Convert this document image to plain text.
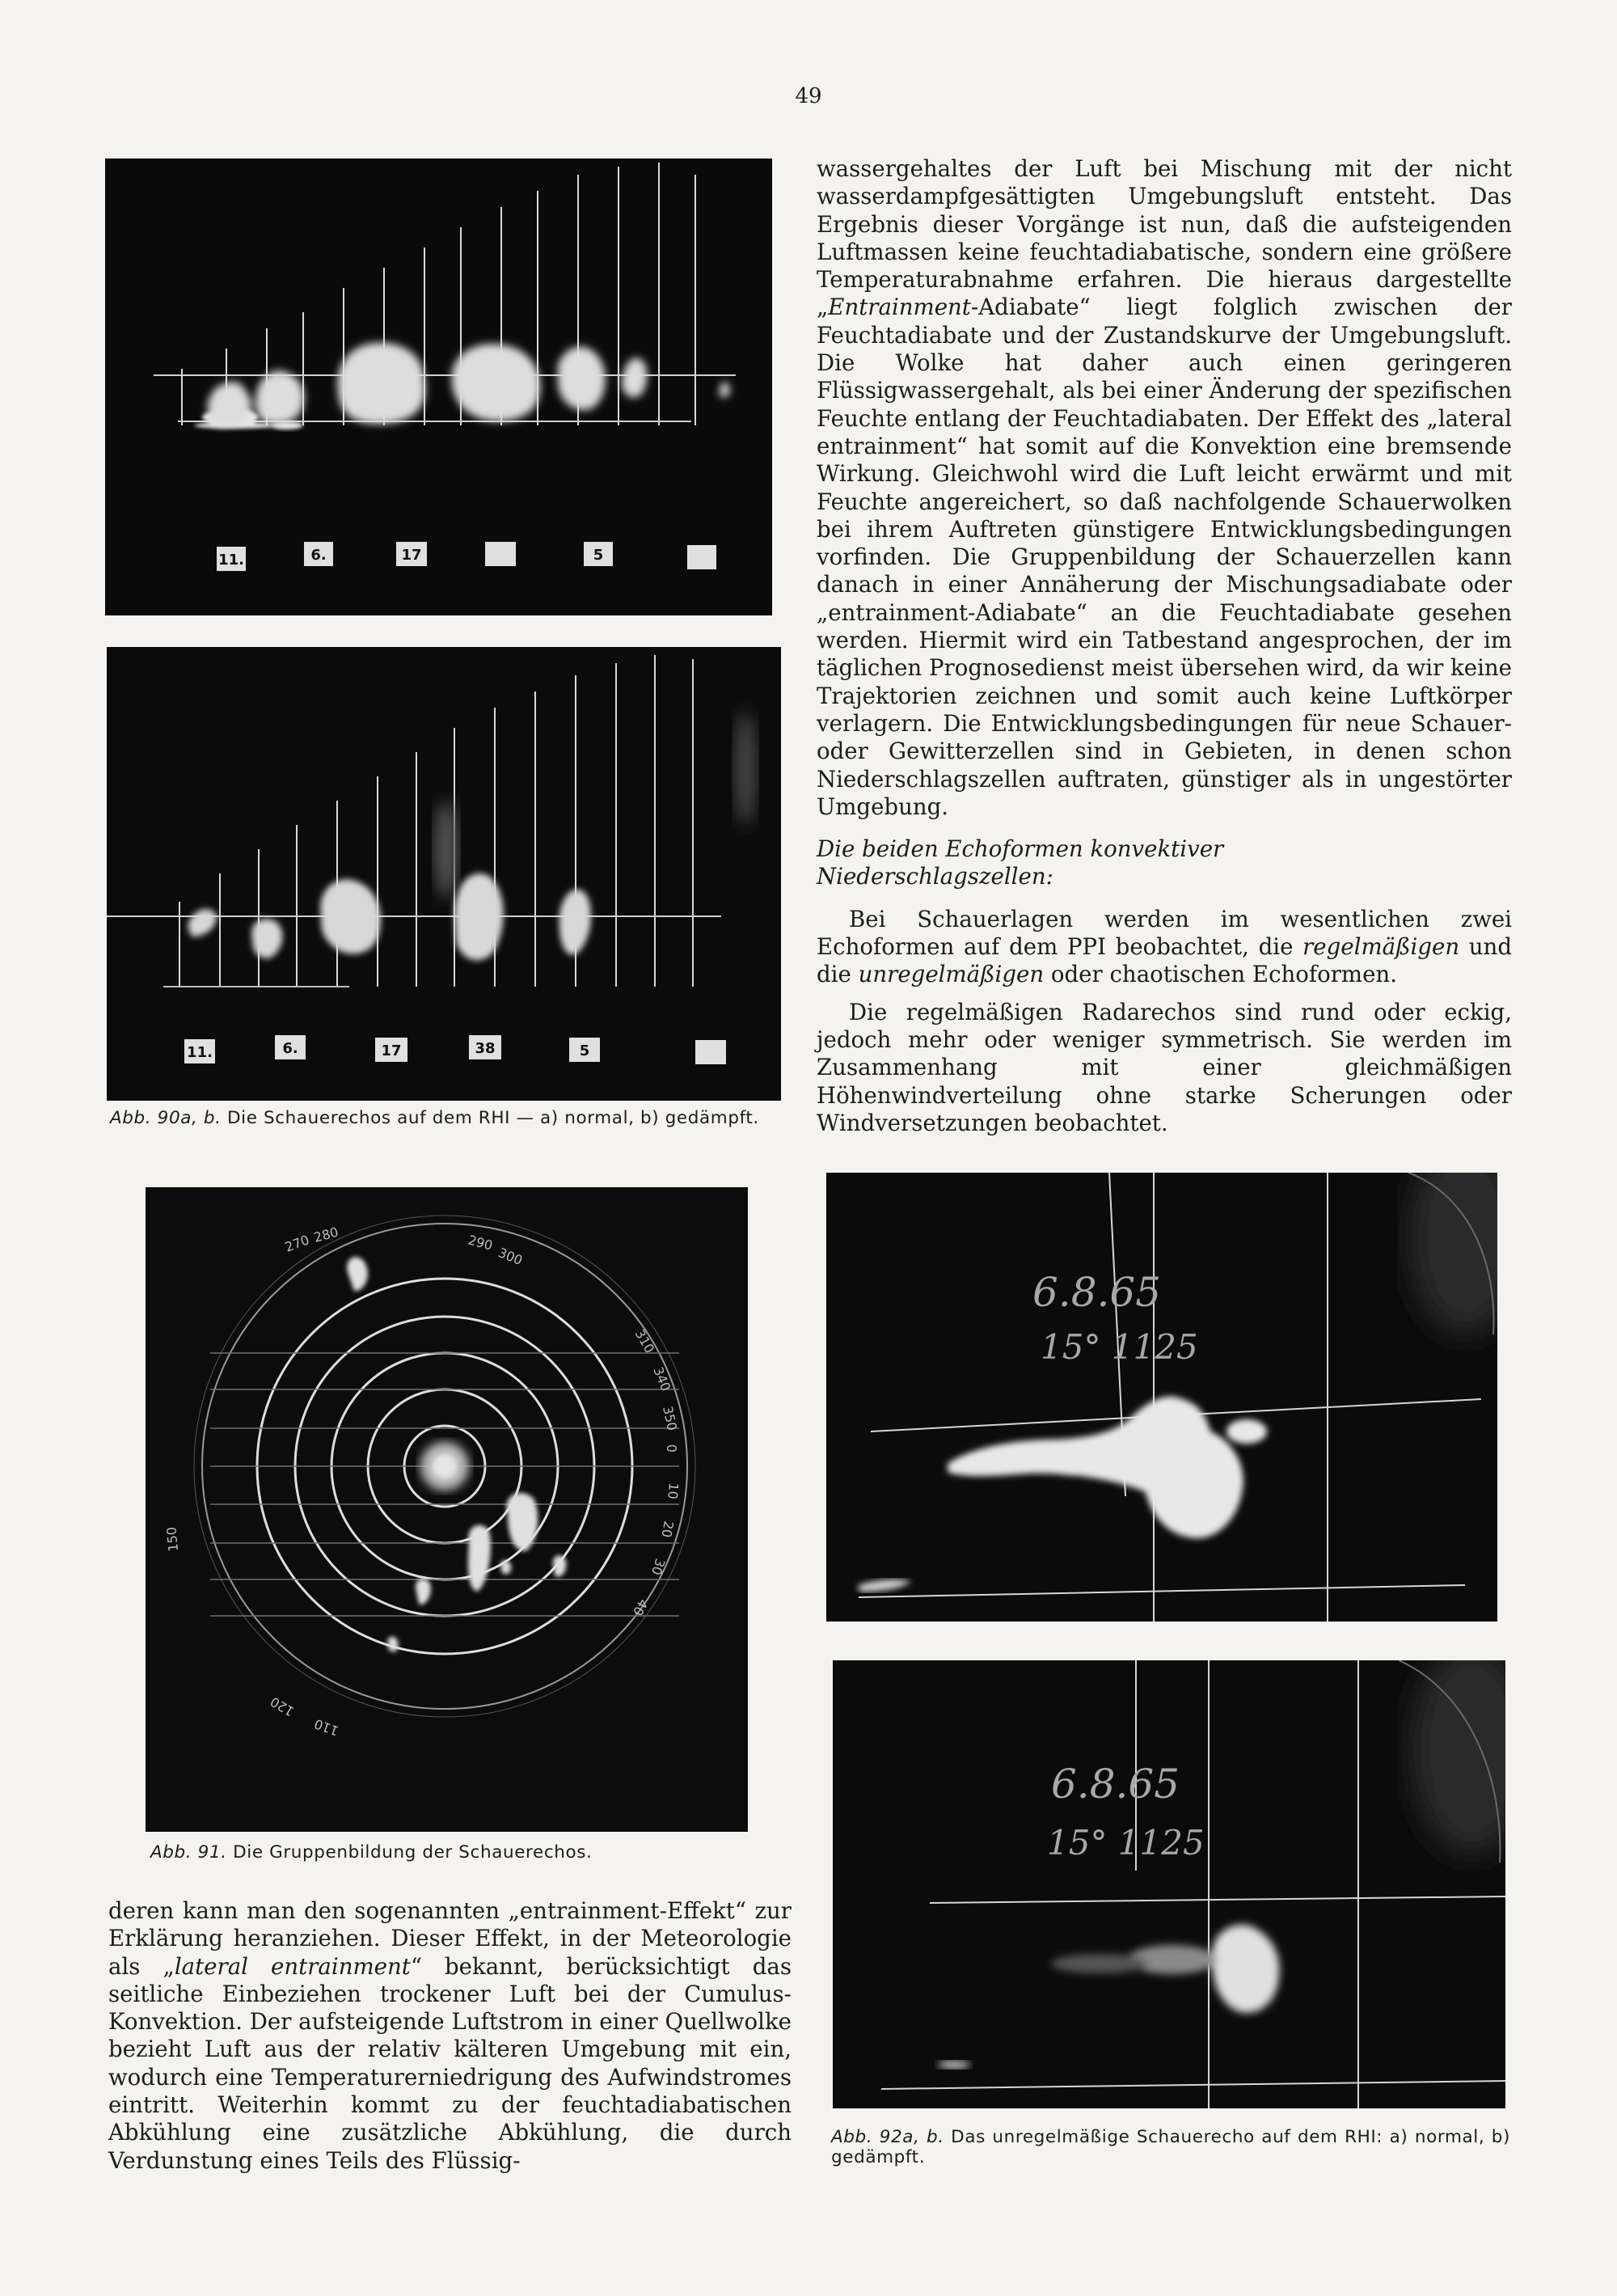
49
11.	6.	17	5
11.	6.	17	38	5
Abb. 90a, b. Die Schauerechos auf dem RHI — a) normal, b) gedämpft.
270 280	290
300
310
340
350
0
10
20
30
40
150
120
110
Abb. 91. Die Gruppenbildung der Schauerechos.

wassergehaltes der Luft bei Mischung mit der nicht wasserdampfgesättigten Umgebungsluft entsteht. Das Ergebnis dieser Vorgänge ist nun, daß die aufsteigenden Luftmassen keine feuchtadiabatische, sondern eine größere Temperaturabnahme erfahren. Die hieraus dargestellte „Entrainment-Adiabate“ liegt folglich zwischen der Feuchtadiabate und der Zustandskurve der Umgebungsluft. Die Wolke hat daher auch einen geringeren Flüssigwassergehalt, als bei einer Änderung der spezifischen Feuchte entlang der Feuchtadiabaten. Der Effekt des „lateral entrainment“ hat somit auf die Konvektion eine bremsende Wirkung. Gleichwohl wird die Luft leicht erwärmt und mit Feuchte angereichert, so daß nachfolgende Schauerwolken bei ihrem Auftreten günstigere Entwicklungsbedingungen vorfinden. Die Gruppenbildung der Schauerzellen kann danach in einer Annäherung der Mischungsadiabate oder „entrainment-Adiabate“ an die Feuchtadiabate gesehen werden. Hiermit wird ein Tatbestand angesprochen, der im täglichen Prognosedienst meist übersehen wird, da wir keine Trajektorien zeichnen und somit auch keine Luftkörper verlagern. Die Entwicklungsbedingungen für neue Schauer- oder Gewitterzellen sind in Gebieten, in denen schon Niederschlagszellen auftraten, günstiger als in ungestörter Umgebung.

Die beiden Echoformen konvektiver Niederschlagszellen:

Bei Schauerlagen werden im wesentlichen zwei Echoformen auf dem PPI beobachtet, die regelmäßigen und die unregelmäßigen oder chaotischen Echoformen.

Die regelmäßigen Radarechos sind rund oder eckig, jedoch mehr oder weniger symmetrisch. Sie werden im Zusammenhang mit einer gleichmäßigen Höhenwindverteilung ohne starke Scherungen oder Windversetzungen beobachtet.

6.8.65
15° 1125
6.8.65
15° 1125
Abb. 92a, b. Das unregelmäßige Schauerecho auf dem RHI: a) normal, b) gedämpft.

deren kann man den sogenannten „entrainment-Effekt“ zur Erklärung heranziehen. Dieser Effekt, in der Meteorologie als „lateral entrainment“ bekannt, berücksichtigt das seitliche Einbeziehen trockener Luft bei der Cumulus-Konvektion. Der aufsteigende Luftstrom in einer Quellwolke bezieht Luft aus der relativ kälteren Umgebung mit ein, wodurch eine Temperaturerniedrigung des Aufwindstromes eintritt. Weiterhin kommt zu der feuchtadiabatischen Abkühlung eine zusätzliche Abkühlung, die durch Verdunstung eines Teils des Flüssig-
